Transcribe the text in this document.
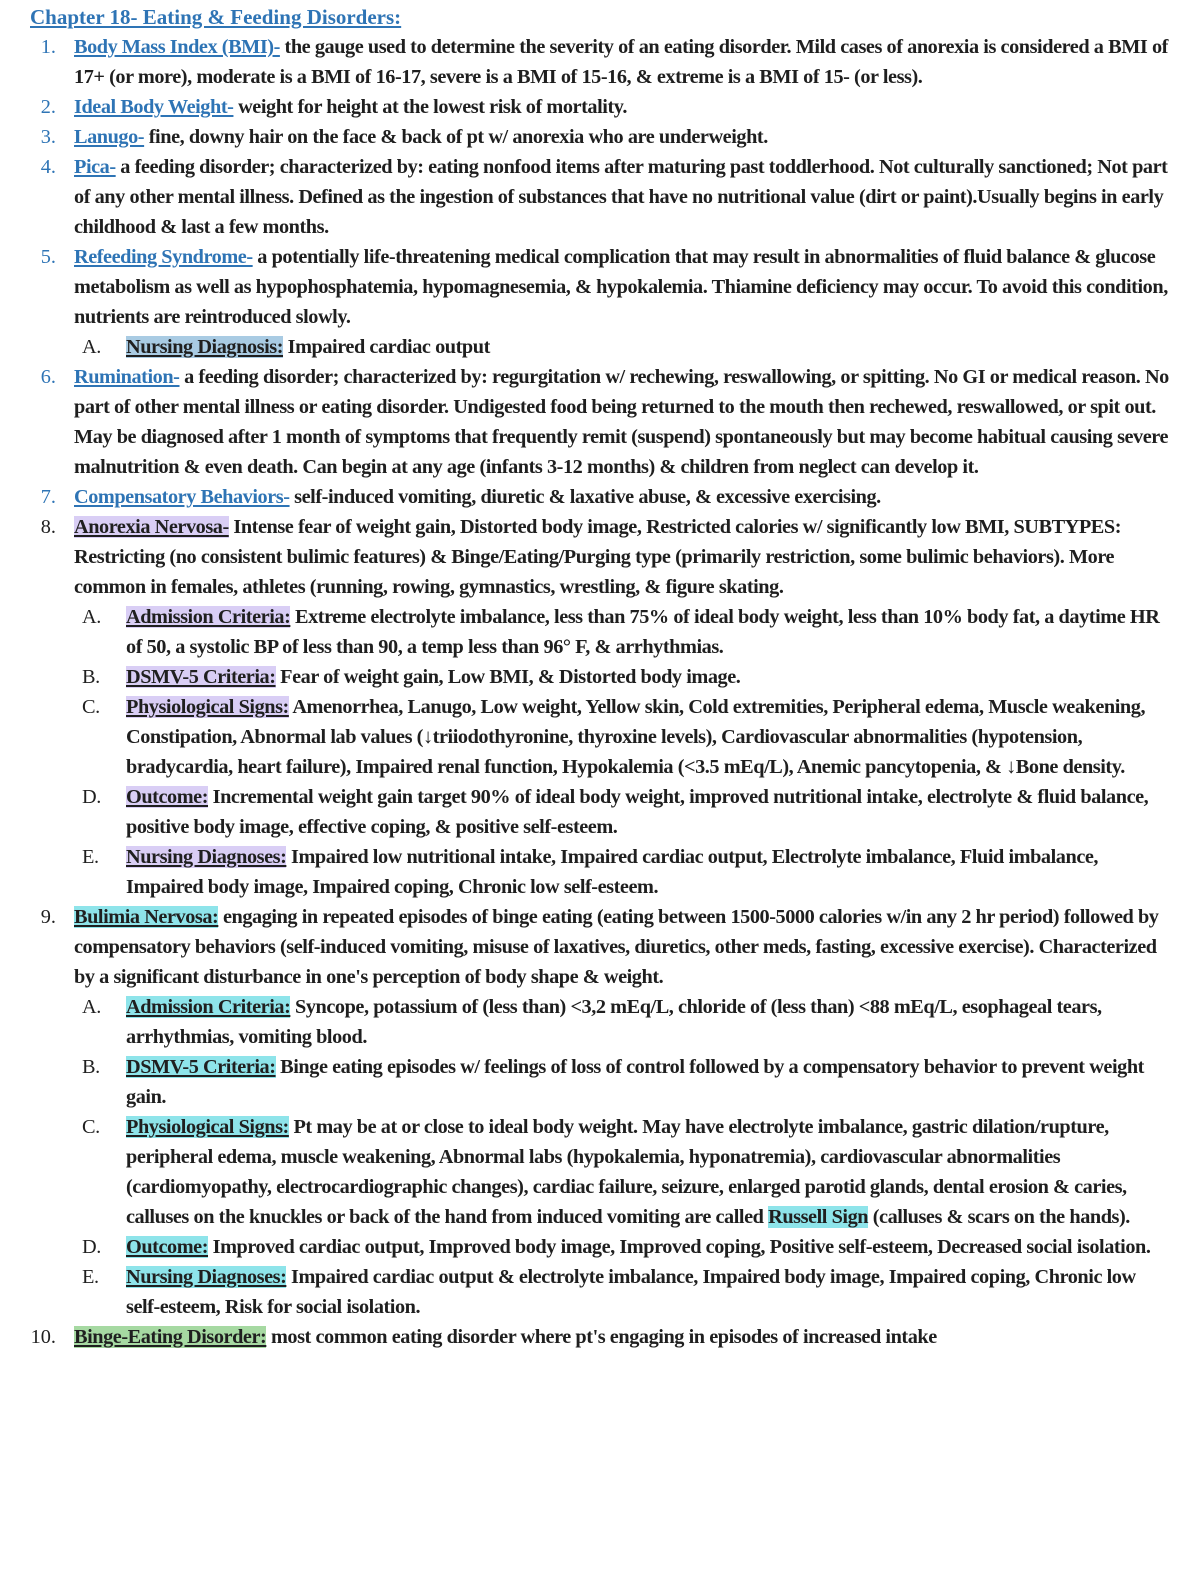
Chapter 18- Eating & Feeding Disorders:

1. Body Mass Index (BMI)- the gauge used to determine the severity of an eating disorder. Mild cases of anorexia is considered a BMI of 17+ (or more), moderate is a BMI of 16-17, severe is a BMI of 15-16, & extreme is a BMI of 15- (or less).
2. Ideal Body Weight- weight for height at the lowest risk of mortality.
3. Lanugo- fine, downy hair on the face & back of pt w/ anorexia who are underweight.
4. Pica- a feeding disorder; characterized by: eating nonfood items after maturing past toddlerhood. Not culturally sanctioned; Not part of any other mental illness. Defined as the ingestion of substances that have no nutritional value (dirt or paint).Usually begins in early childhood & last a few months.
5. Refeeding Syndrome- a potentially life-threatening medical complication that may result in abnormalities of fluid balance & glucose metabolism as well as hypophosphatemia, hypomagnesemia, & hypokalemia. Thiamine deficiency may occur. To avoid this condition, nutrients are reintroduced slowly.
A.	Nursing Diagnosis: Impaired cardiac output
6. Rumination- a feeding disorder; characterized by: regurgitation w/ rechewing, reswallowing, or spitting. No GI or medical reason. No part of other mental illness or eating disorder. Undigested food being returned to the mouth then rechewed, reswallowed, or spit out. May be diagnosed after 1 month of symptoms that frequently remit (suspend) spontaneously but may become habitual causing severe malnutrition & even death. Can begin at any age (infants 3-12 months) & children from neglect can develop it.
7. Compensatory Behaviors- self-induced vomiting, diuretic & laxative abuse, & excessive exercising.
8. Anorexia Nervosa- Intense fear of weight gain, Distorted body image, Restricted calories w/ significantly low BMI, SUBTYPES: Restricting (no consistent bulimic features) & Binge/Eating/Purging type (primarily restriction, some bulimic behaviors). More common in females, athletes (running, rowing, gymnastics, wrestling, & figure skating.
A.	Admission Criteria: Extreme electrolyte imbalance, less than 75% of ideal body weight, less than 10% body fat, a daytime HR of 50, a systolic BP of less than 90, a temp less than 96° F, & arrhythmias.
B.	DSMV-5 Criteria: Fear of weight gain, Low BMI, & Distorted body image.
C.	Physiological Signs: Amenorrhea, Lanugo, Low weight, Yellow skin, Cold extremities, Peripheral edema, Muscle weakening, Constipation, Abnormal lab values (↓triiodothyronine, thyroxine levels), Cardiovascular abnormalities (hypotension, bradycardia, heart failure), Impaired renal function, Hypokalemia (<3.5 mEq/L), Anemic pancytopenia, & ↓Bone density.
D.	Outcome: Incremental weight gain target 90% of ideal body weight, improved nutritional intake, electrolyte & fluid balance, positive body image, effective coping, & positive self-esteem.
E.	Nursing Diagnoses: Impaired low nutritional intake, Impaired cardiac output, Electrolyte imbalance, Fluid imbalance, Impaired body image, Impaired coping, Chronic low self-esteem.
9. Bulimia Nervosa: engaging in repeated episodes of binge eating (eating between 1500-5000 calories w/in any 2 hr period) followed by compensatory behaviors (self-induced vomiting, misuse of laxatives, diuretics, other meds, fasting, excessive exercise). Characterized by a significant disturbance in one's perception of body shape & weight.
A.	Admission Criteria: Syncope, potassium of (less than) <3,2 mEq/L, chloride of (less than) <88 mEq/L, esophageal tears, arrhythmias, vomiting blood.
B.	DSMV-5 Criteria: Binge eating episodes w/ feelings of loss of control followed by a compensatory behavior to prevent weight gain.
C.	Physiological Signs: Pt may be at or close to ideal body weight. May have electrolyte imbalance, gastric dilation/rupture, peripheral edema, muscle weakening, Abnormal labs (hypokalemia, hyponatremia), cardiovascular abnormalities (cardiomyopathy, electrocardiographic changes), cardiac failure, seizure, enlarged parotid glands, dental erosion & caries, calluses on the knuckles or back of the hand from induced vomiting are called Russell Sign (calluses & scars on the hands).
D.	Outcome: Improved cardiac output, Improved body image, Improved coping, Positive self-esteem, Decreased social isolation.
E.	Nursing Diagnoses: Impaired cardiac output & electrolyte imbalance, Impaired body image, Impaired coping, Chronic low self-esteem, Risk for social isolation.
10. Binge-Eating Disorder: most common eating disorder where pt's engaging in episodes of increased intake
